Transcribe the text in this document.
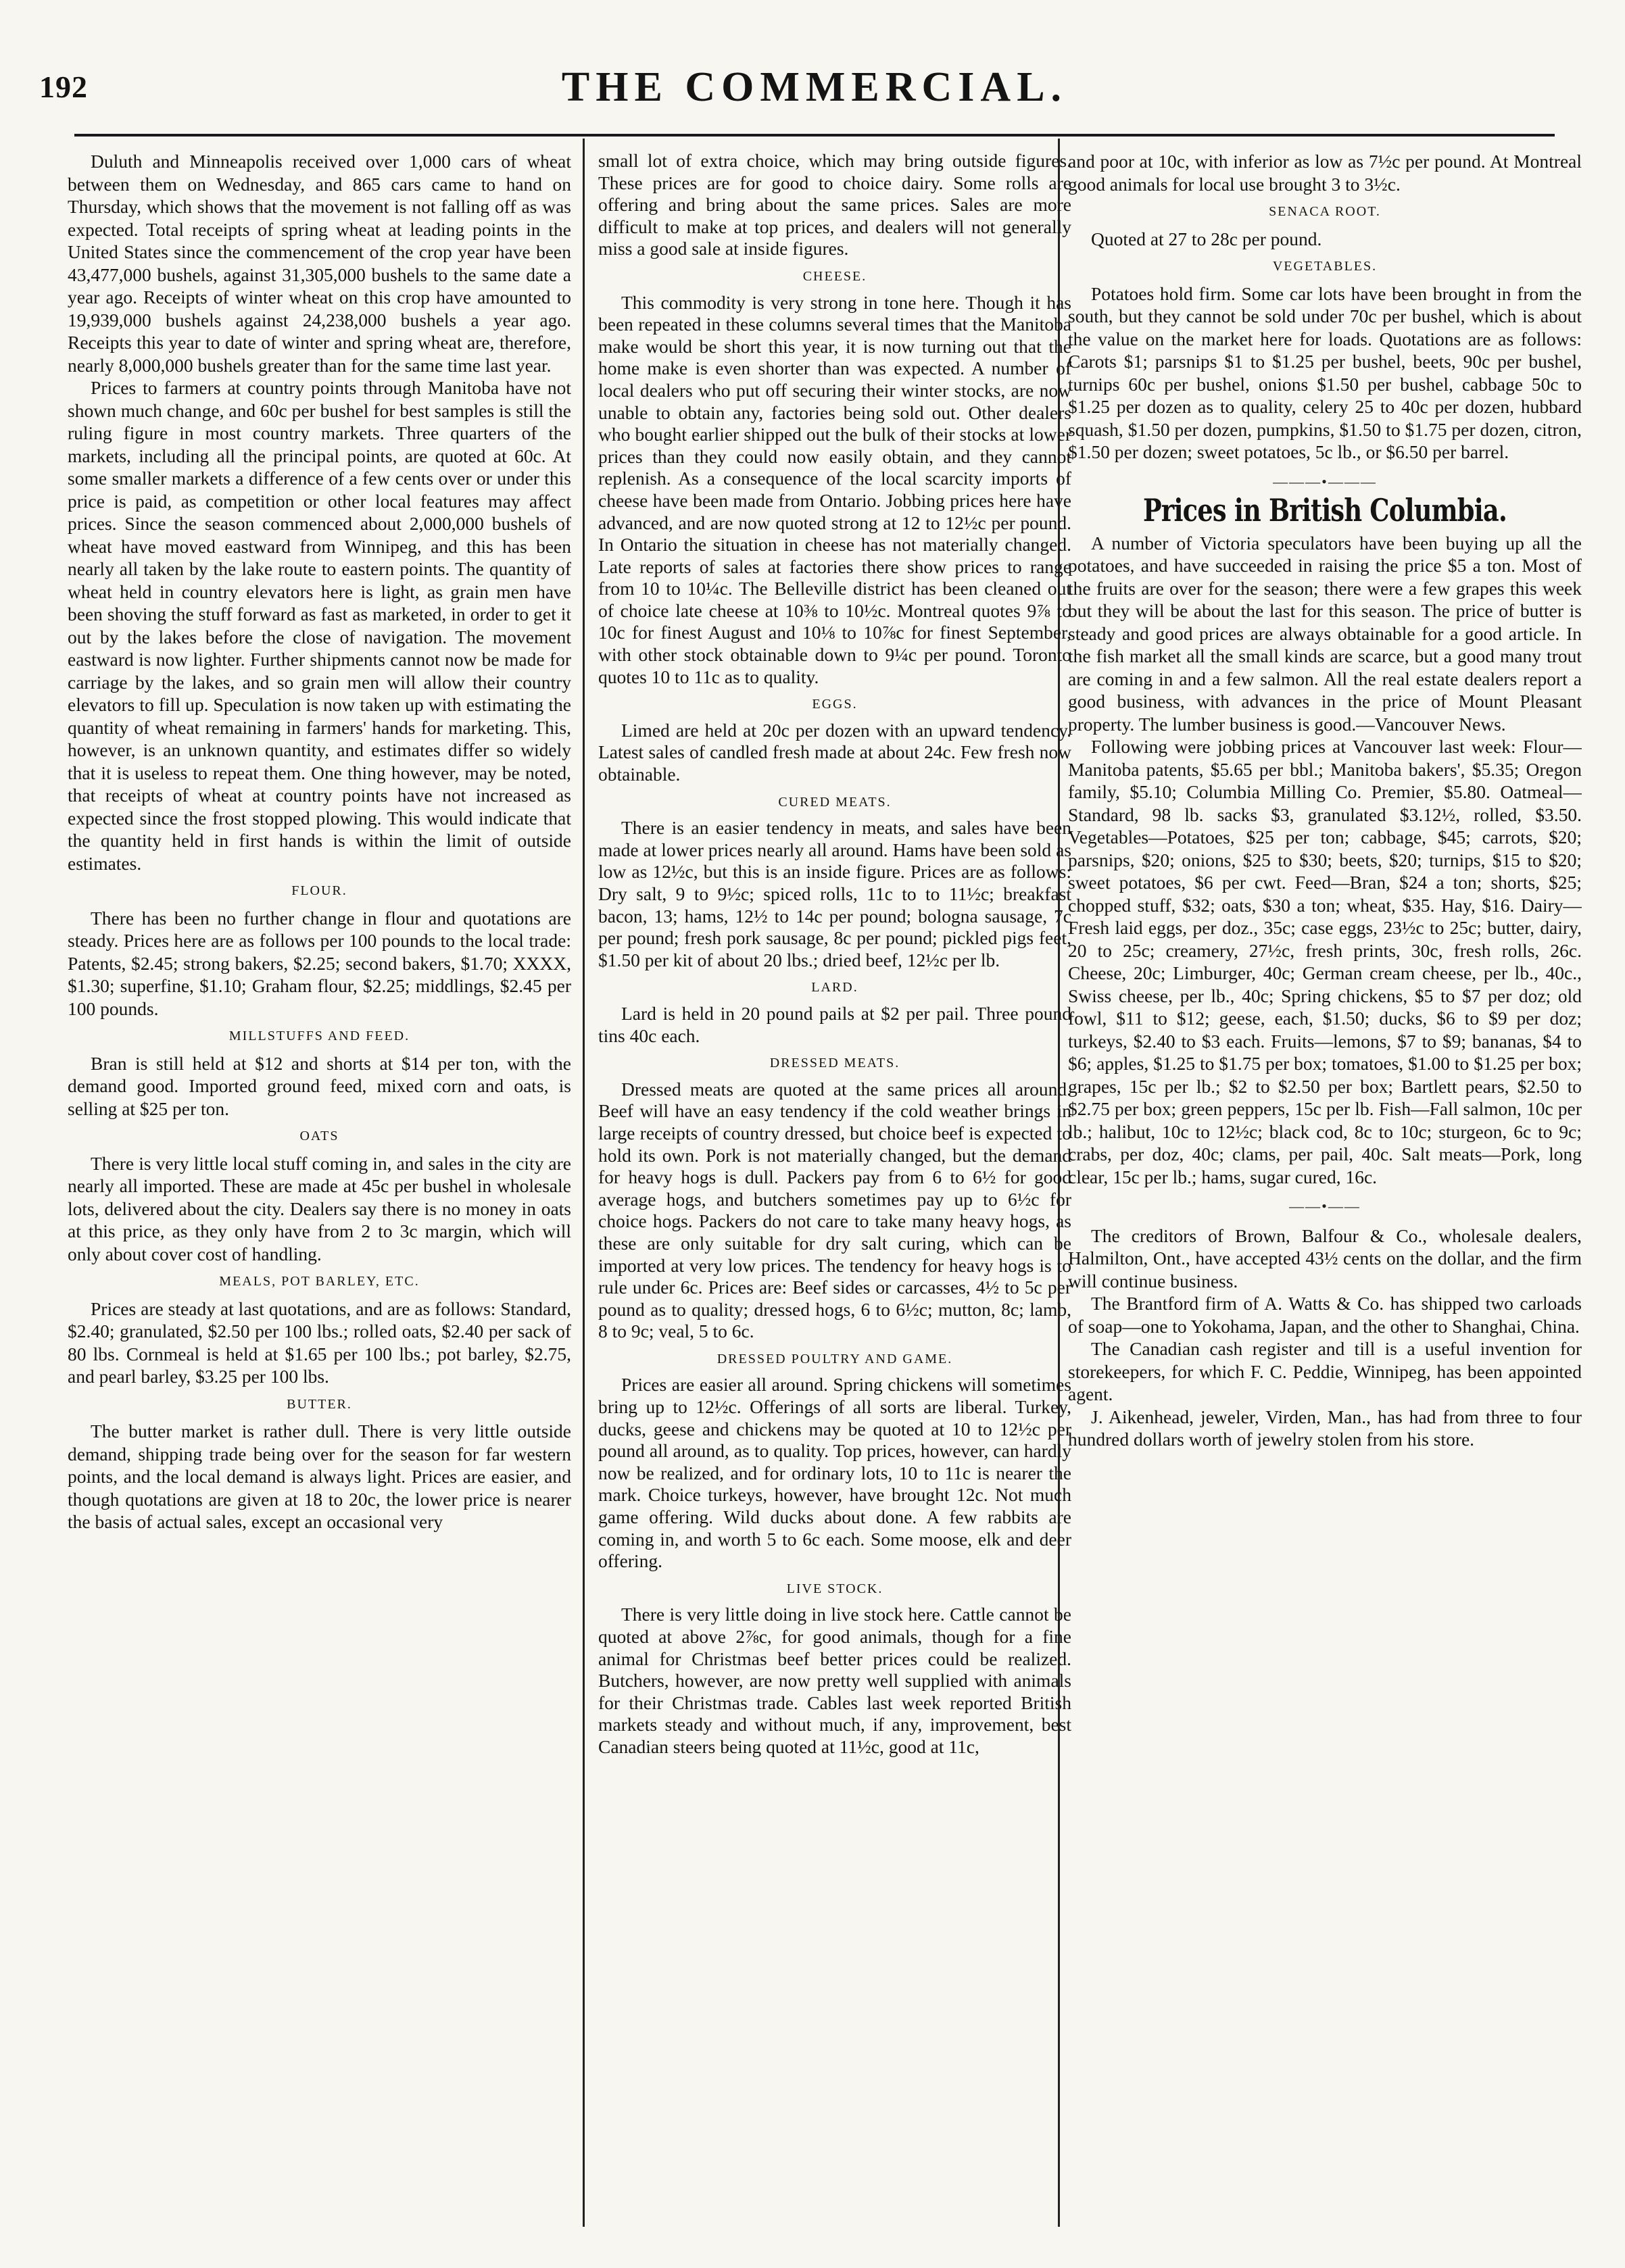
192	THE COMMERCIAL.

Duluth and Minneapolis received over 1,000 cars of wheat between them on Wednesday, and 865 cars came to hand on Thursday, which shows that the movement is not falling off as was expected. Total receipts of spring wheat at leading points in the United States since the commencement of the crop year have been 43,477,000 bushels, against 31,305,000 bushels to the same date a year ago. Receipts of winter wheat on this crop have amounted to 19,939,000 bushels against 24,238,000 bushels a year ago. Receipts this year to date of winter and spring wheat are, therefore, nearly 8,000,000 bushels greater than for the same time last year.

Prices to farmers at country points through Manitoba have not shown much change, and 60c per bushel for best samples is still the ruling figure in most country markets. Three quarters of the markets, including all the principal points, are quoted at 60c. At some smaller markets a difference of a few cents over or under this price is paid, as competition or other local features may affect prices. Since the season commenced about 2,000,000 bushels of wheat have moved eastward from Winnipeg, and this has been nearly all taken by the lake route to eastern points. The quantity of wheat held in country elevators here is light, as grain men have been shoving the stuff forward as fast as marketed, in order to get it out by the lakes before the close of navigation. The movement eastward is now lighter. Further shipments cannot now be made for carriage by the lakes, and so grain men will allow their country elevators to fill up. Speculation is now taken up with estimating the quantity of wheat remaining in farmers' hands for marketing. This, however, is an unknown quantity, and estimates differ so widely that it is useless to repeat them. One thing however, may be noted, that receipts of wheat at country points have not increased as expected since the frost stopped plowing. This would indicate that the quantity held in first hands is within the limit of outside estimates.

FLOUR.

There has been no further change in flour and quotations are steady. Prices here are as follows per 100 pounds to the local trade: Patents, $2.45; strong bakers, $2.25; second bakers, $1.70; XXXX, $1.30; superfine, $1.10; Graham flour, $2.25; middlings, $2.45 per 100 pounds.

MILLSTUFFS AND FEED.

Bran is still held at $12 and shorts at $14 per ton, with the demand good. Imported ground feed, mixed corn and oats, is selling at $25 per ton.

OATS

There is very little local stuff coming in, and sales in the city are nearly all imported. These are made at 45c per bushel in wholesale lots, delivered about the city. Dealers say there is no money in oats at this price, as they only have from 2 to 3c margin, which will only about cover cost of handling.

MEALS, POT BARLEY, ETC.

Prices are steady at last quotations, and are as follows: Standard, $2.40; granulated, $2.50 per 100 lbs.; rolled oats, $2.40 per sack of 80 lbs. Cornmeal is held at $1.65 per 100 lbs.; pot barley, $2.75, and pearl barley, $3.25 per 100 lbs.

BUTTER.

The butter market is rather dull. There is very little outside demand, shipping trade being over for the season for far western points, and the local demand is always light. Prices are easier, and though quotations are given at 18 to 20c, the lower price is nearer the basis of actual sales, except an occasional very

small lot of extra choice, which may bring outside figures. These prices are for good to choice dairy. Some rolls are offering and bring about the same prices. Sales are more difficult to make at top prices, and dealers will not generally miss a good sale at inside figures.

CHEESE.

This commodity is very strong in tone here. Though it has been repeated in these columns several times that the Manitoba make would be short this year, it is now turning out that the home make is even shorter than was expected. A number of local dealers who put off securing their winter stocks, are now unable to obtain any, factories being sold out. Other dealers who bought earlier shipped out the bulk of their stocks at lower prices than they could now easily obtain, and they cannot replenish. As a consequence of the local scarcity imports of cheese have been made from Ontario. Jobbing prices here have advanced, and are now quoted strong at 12 to 12½c per pound. In Ontario the situation in cheese has not materially changed. Late reports of sales at factories there show prices to range from 10 to 10¼c. The Belleville district has been cleaned out of choice late cheese at 10⅜ to 10½c. Montreal quotes 9⅞ to 10c for finest August and 10⅛ to 10⅞c for finest September, with other stock obtainable down to 9¼c per pound. Toronto quotes 10 to 11c as to quality.

EGGS.

Limed are held at 20c per dozen with an upward tendency. Latest sales of candled fresh made at about 24c. Few fresh now obtainable.

CURED MEATS.

There is an easier tendency in meats, and sales have been made at lower prices nearly all around. Hams have been sold as low as 12½c, but this is an inside figure. Prices are as follows: Dry salt, 9 to 9½c; spiced rolls, 11c to to 11½c; breakfast bacon, 13; hams, 12½ to 14c per pound; bologna sausage, 7c per pound; fresh pork sausage, 8c per pound; pickled pigs feet, $1.50 per kit of about 20 lbs.; dried beef, 12½c per lb.

LARD.

Lard is held in 20 pound pails at $2 per pail. Three pound tins 40c each.

DRESSED MEATS.

Dressed meats are quoted at the same prices all around. Beef will have an easy tendency if the cold weather brings in large receipts of country dressed, but choice beef is expected to hold its own. Pork is not materially changed, but the demand for heavy hogs is dull. Packers pay from 6 to 6½ for good average hogs, and butchers sometimes pay up to 6½c for choice hogs. Packers do not care to take many heavy hogs, as these are only suitable for dry salt curing, which can be imported at very low prices. The tendency for heavy hogs is to rule under 6c. Prices are: Beef sides or carcasses, 4½ to 5c per pound as to quality; dressed hogs, 6 to 6½c; mutton, 8c; lamb, 8 to 9c; veal, 5 to 6c.

DRESSED POULTRY AND GAME.

Prices are easier all around. Spring chickens will sometimes bring up to 12½c. Offerings of all sorts are liberal. Turkey, ducks, geese and chickens may be quoted at 10 to 12½c per pound all around, as to quality. Top prices, however, can hardly now be realized, and for ordinary lots, 10 to 11c is nearer the mark. Choice turkeys, however, have brought 12c. Not much game offering. Wild ducks about done. A few rabbits are coming in, and worth 5 to 6c each. Some moose, elk and deer offering.

LIVE STOCK.

There is very little doing in live stock here. Cattle cannot be quoted at above 2⅞c, for good animals, though for a fine animal for Christmas beef better prices could be realized. Butchers, however, are now pretty well supplied with animals for their Christmas trade. Cables last week reported British markets steady and without much, if any, improvement, best Canadian steers being quoted at 11½c, good at 11c,

and poor at 10c, with inferior as low as 7½c per pound. At Montreal good animals for local use brought 3 to 3½c.

SENACA ROOT.

Quoted at 27 to 28c per pound.

VEGETABLES.

Potatoes hold firm. Some car lots have been brought in from the south, but they cannot be sold under 70c per bushel, which is about the value on the market here for loads. Quotations are as follows: Carots $1; parsnips $1 to $1.25 per bushel, beets, 90c per bushel, turnips 60c per bushel, onions $1.50 per bushel, cabbage 50c to $1.25 per dozen as to quality, celery 25 to 40c per dozen, hubbard squash, $1.50 per dozen, pumpkins, $1.50 to $1.75 per dozen, citron, $1.50 per dozen; sweet potatoes, 5c lb., or $6.50 per barrel.

———•———
Prices in British Columbia.

A number of Victoria speculators have been buying up all the potatoes, and have succeeded in raising the price $5 a ton. Most of the fruits are over for the season; there were a few grapes this week but they will be about the last for this season. The price of butter is steady and good prices are always obtainable for a good article. In the fish market all the small kinds are scarce, but a good many trout are coming in and a few salmon. All the real estate dealers report a good business, with advances in the price of Mount Pleasant property. The lumber business is good.—Vancouver News.

Following were jobbing prices at Vancouver last week: Flour—Manitoba patents, $5.65 per bbl.; Manitoba bakers', $5.35; Oregon family, $5.10; Columbia Milling Co. Premier, $5.80. Oatmeal—Standard, 98 lb. sacks $3, granulated $3.12½, rolled, $3.50. Vegetables—Potatoes, $25 per ton; cabbage, $45; carrots, $20; parsnips, $20; onions, $25 to $30; beets, $20; turnips, $15 to $20; sweet potatoes, $6 per cwt. Feed—Bran, $24 a ton; shorts, $25; chopped stuff, $32; oats, $30 a ton; wheat, $35. Hay, $16. Dairy—Fresh laid eggs, per doz., 35c; case eggs, 23½c to 25c; butter, dairy, 20 to 25c; creamery, 27½c, fresh prints, 30c, fresh rolls, 26c. Cheese, 20c; Limburger, 40c; German cream cheese, per lb., 40c., Swiss cheese, per lb., 40c; Spring chickens, $5 to $7 per doz; old fowl, $11 to $12; geese, each, $1.50; ducks, $6 to $9 per doz; turkeys, $2.40 to $3 each. Fruits—lemons, $7 to $9; bananas, $4 to $6; apples, $1.25 to $1.75 per box; tomatoes, $1.00 to $1.25 per box; grapes, 15c per lb.; $2 to $2.50 per box; Bartlett pears, $2.50 to $2.75 per box; green peppers, 15c per lb. Fish—Fall salmon, 10c per lb.; halibut, 10c to 12½c; black cod, 8c to 10c; sturgeon, 6c to 9c; crabs, per doz, 40c; clams, per pail, 40c. Salt meats—Pork, long clear, 15c per lb.; hams, sugar cured, 16c.

——•——

The creditors of Brown, Balfour & Co., wholesale dealers, Halmilton, Ont., have accepted 43½ cents on the dollar, and the firm will continue business.

The Brantford firm of A. Watts & Co. has shipped two carloads of soap—one to Yokohama, Japan, and the other to Shanghai, China.

The Canadian cash register and till is a useful invention for storekeepers, for which F. C. Peddie, Winnipeg, has been appointed agent.

J. Aikenhead, jeweler, Virden, Man., has had from three to four hundred dollars worth of jewelry stolen from his store.
